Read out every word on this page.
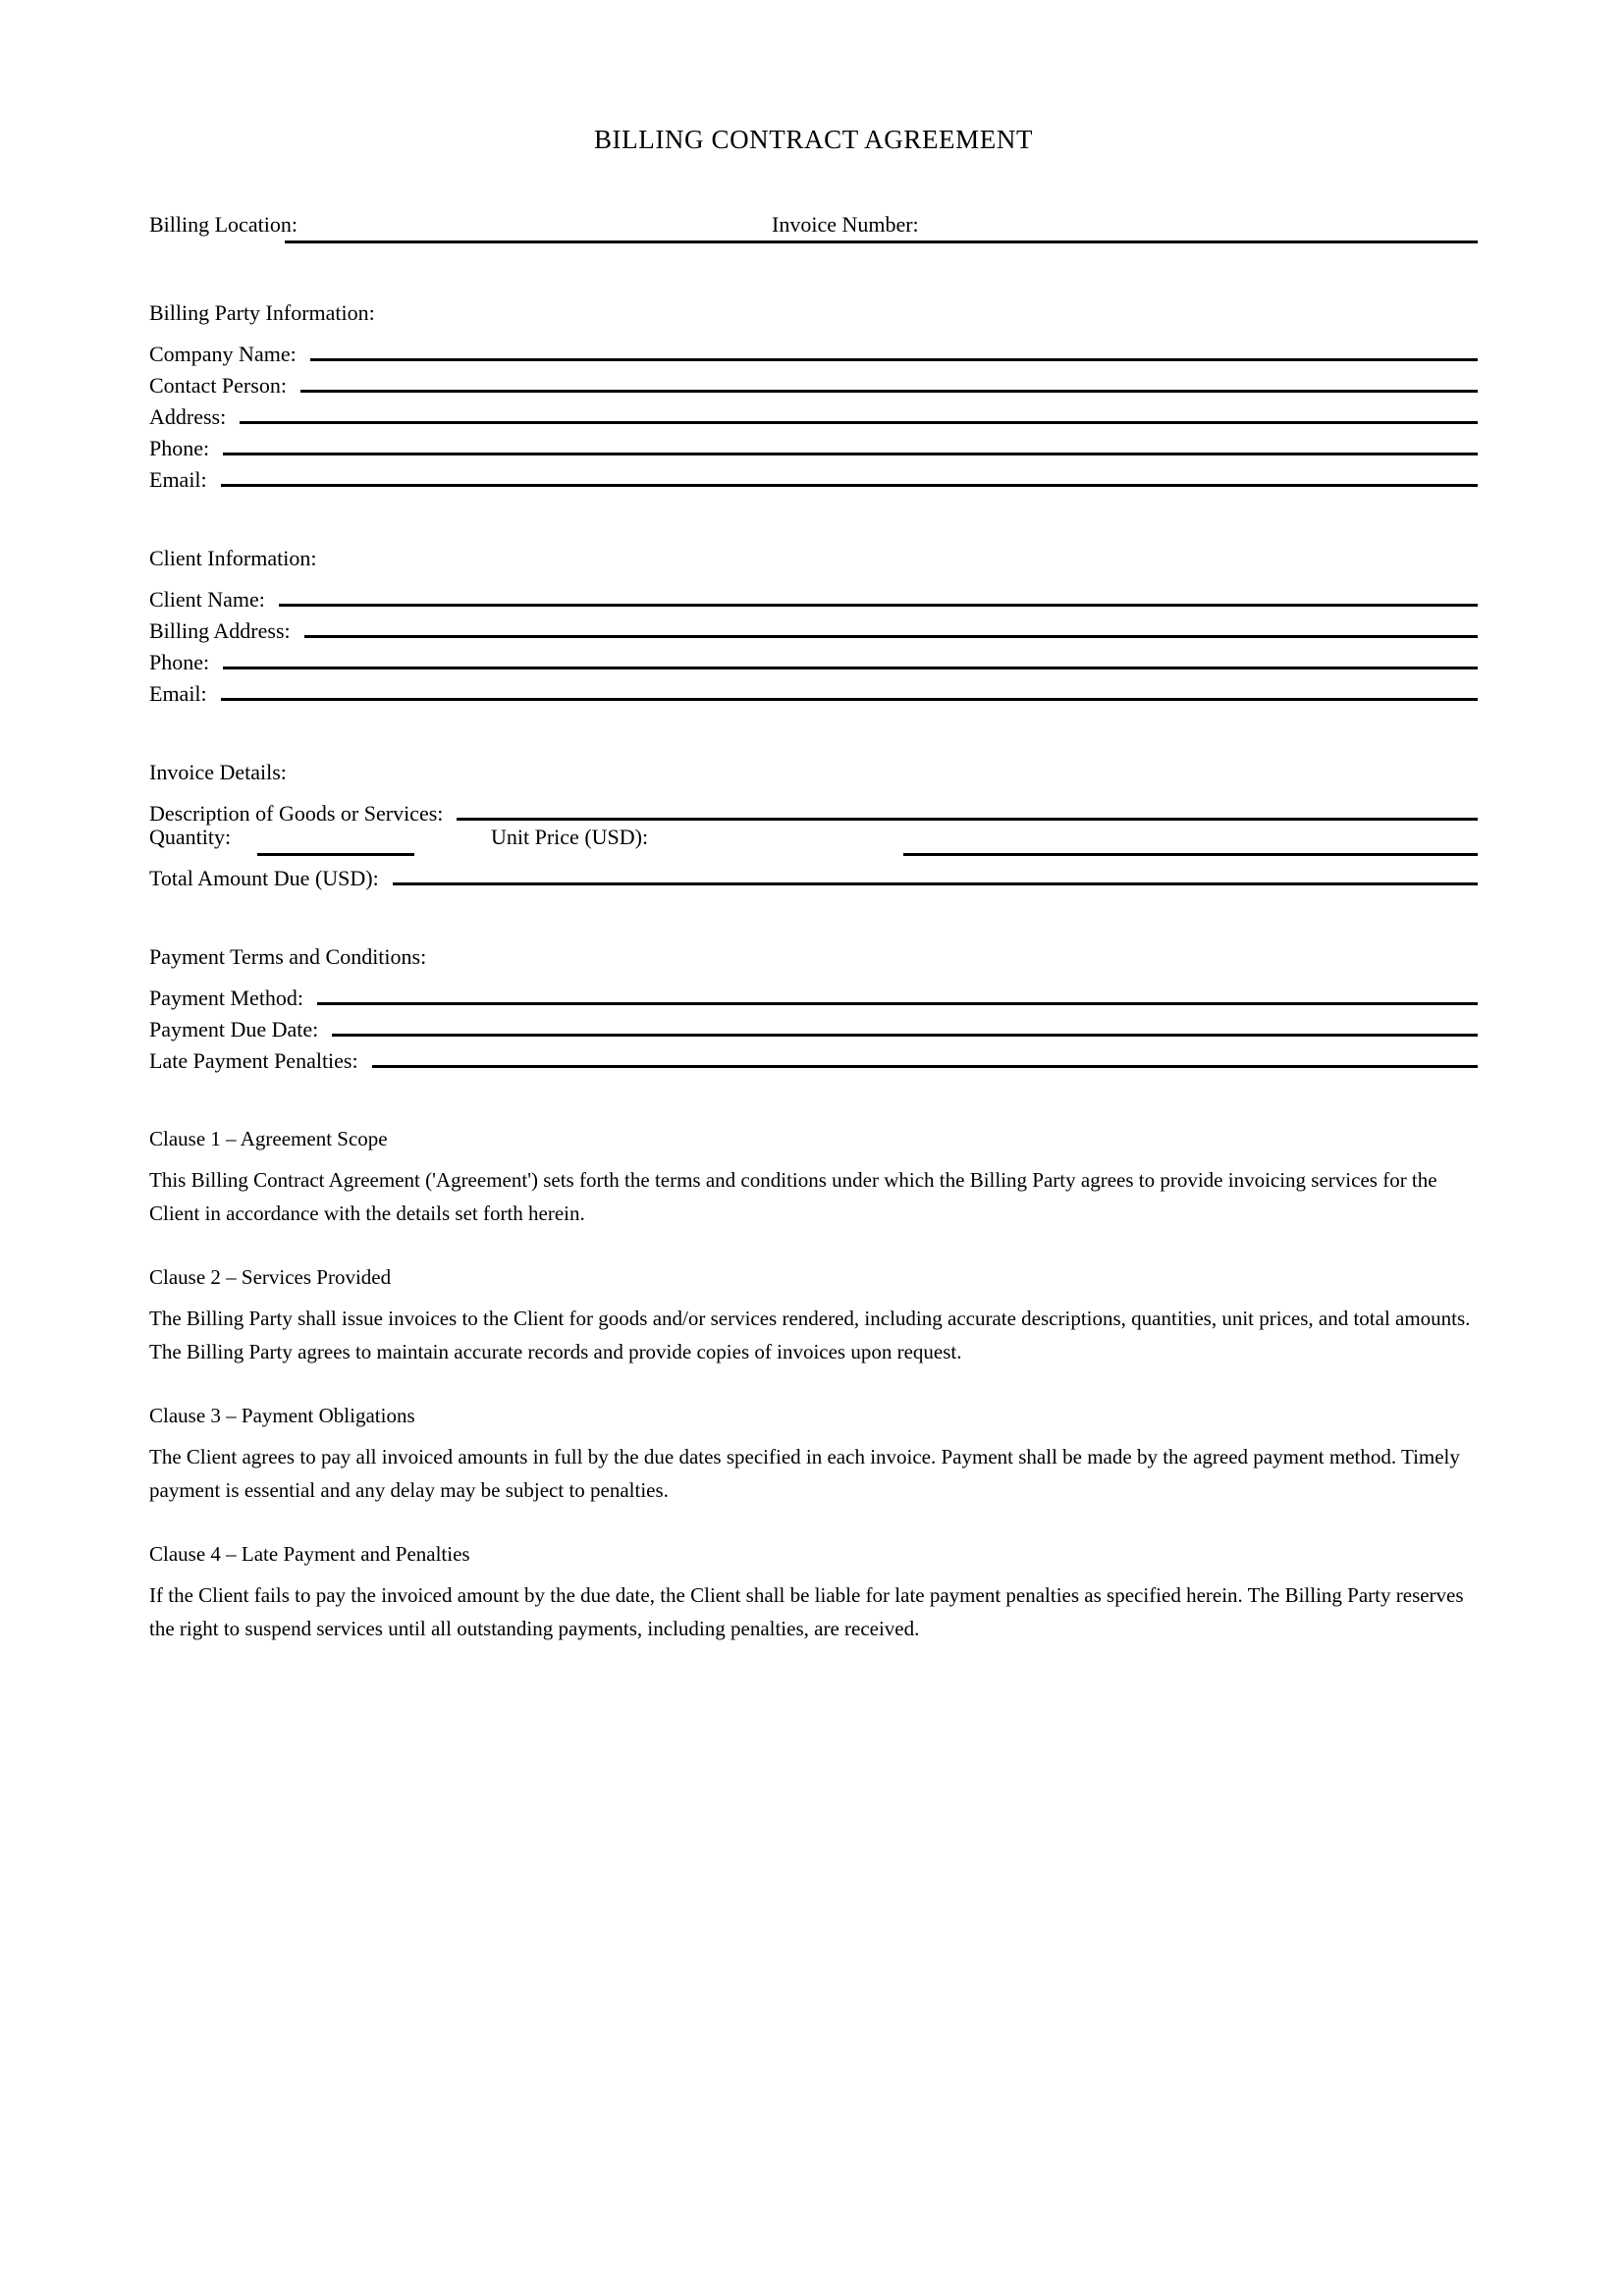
BILLING CONTRACT AGREEMENT
Billing Location:	Invoice Number:
Billing Party Information:
Company Name:
Contact Person:
Address:
Phone:
Email:
Client Information:
Client Name:
Billing Address:
Phone:
Email:
Invoice Details:
Description of Goods or Services:
Quantity:	Unit Price (USD):
Total Amount Due (USD):
Payment Terms and Conditions:
Payment Method:
Payment Due Date:
Late Payment Penalties:
Clause 1 – Agreement Scope
This Billing Contract Agreement ('Agreement') sets forth the terms and conditions under which the Billing Party agrees to provide invoicing services for the Client in accordance with the details set forth herein.
Clause 2 – Services Provided
The Billing Party shall issue invoices to the Client for goods and/or services rendered, including accurate descriptions, quantities, unit prices, and total amounts. The Billing Party agrees to maintain accurate records and provide copies of invoices upon request.
Clause 3 – Payment Obligations
The Client agrees to pay all invoiced amounts in full by the due dates specified in each invoice. Payment shall be made by the agreed payment method. Timely payment is essential and any delay may be subject to penalties.
Clause 4 – Late Payment and Penalties
If the Client fails to pay the invoiced amount by the due date, the Client shall be liable for late payment penalties as specified herein. The Billing Party reserves the right to suspend services until all outstanding payments, including penalties, are received.
